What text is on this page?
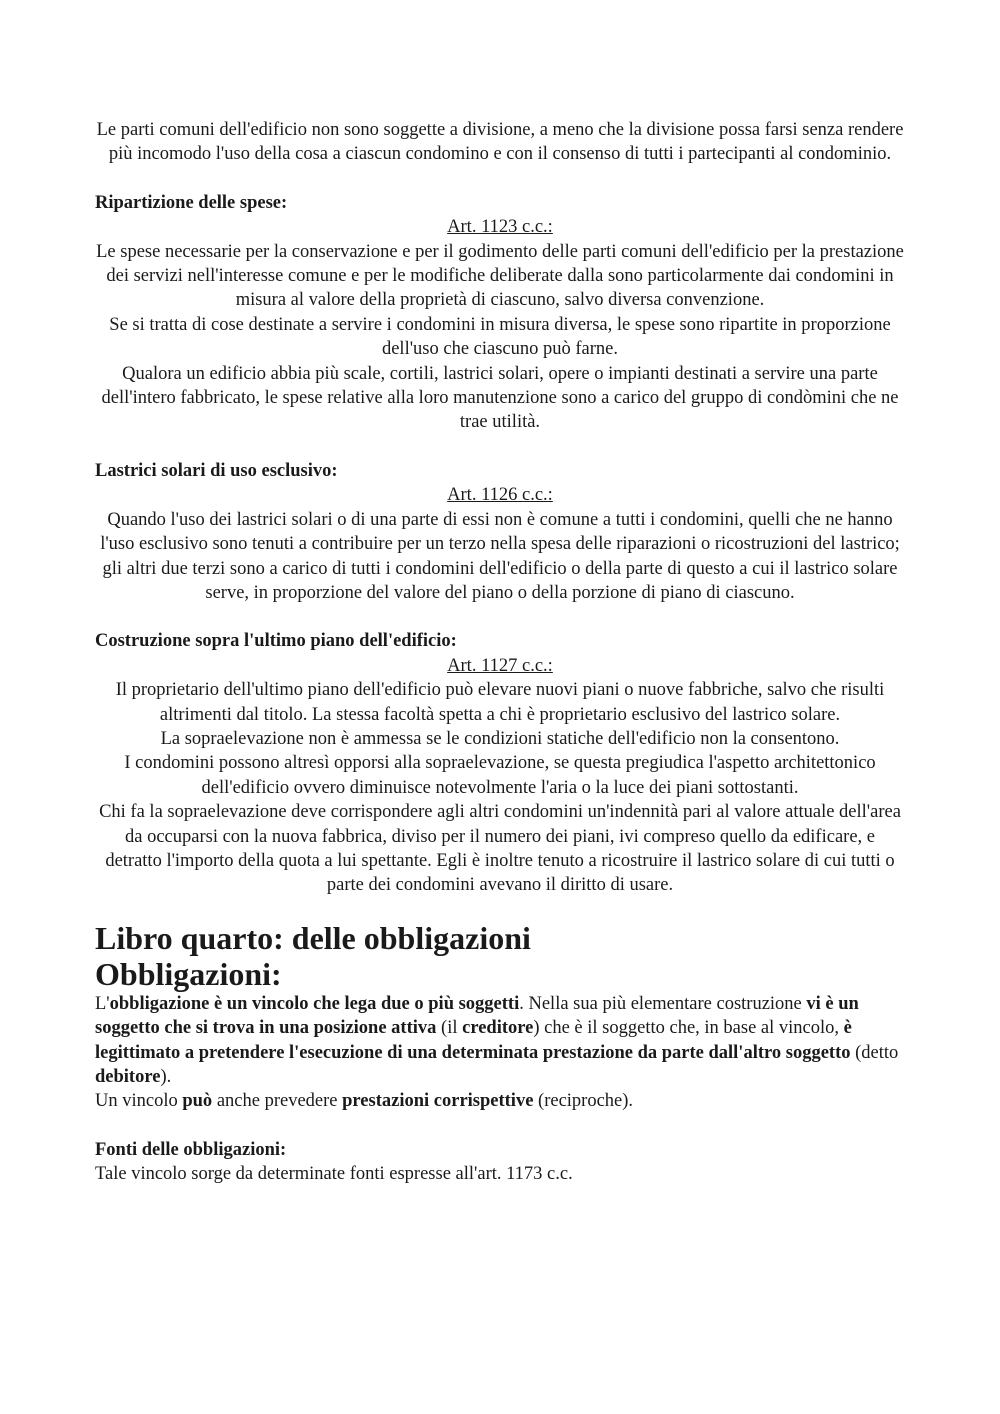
Le parti comuni dell'edificio non sono soggette a divisione, a meno che la divisione possa farsi senza rendere più incomodo l'uso della cosa a ciascun condomino e con il consenso di tutti i partecipanti al condominio.
Ripartizione delle spese:
Art. 1123 c.c.:
Le spese necessarie per la conservazione e per il godimento delle parti comuni dell'edificio per la prestazione dei servizi nell'interesse comune e per le modifiche deliberate dalla sono particolarmente dai condomini in misura al valore della proprietà di ciascuno, salvo diversa convenzione.
Se si tratta di cose destinate a servire i condomini in misura diversa, le spese sono ripartite in proporzione dell'uso che ciascuno può farne.
Qualora un edificio abbia più scale, cortili, lastrici solari, opere o impianti destinati a servire una parte dell'intero fabbricato, le spese relative alla loro manutenzione sono a carico del gruppo di condòmini che ne trae utilità.
Lastrici solari di uso esclusivo:
Art. 1126 c.c.:
Quando l'uso dei lastrici solari o di una parte di essi non è comune a tutti i condomini, quelli che ne hanno l'uso esclusivo sono tenuti a contribuire per un terzo nella spesa delle riparazioni o ricostruzioni del lastrico; gli altri due terzi sono a carico di tutti i condomini dell'edificio o della parte di questo a cui il lastrico solare serve, in proporzione del valore del piano o della porzione di piano di ciascuno.
Costruzione sopra l'ultimo piano dell'edificio:
Art. 1127 c.c.:
Il proprietario dell'ultimo piano dell'edificio può elevare nuovi piani o nuove fabbriche, salvo che risulti altrimenti dal titolo. La stessa facoltà spetta a chi è proprietario esclusivo del lastrico solare.
La sopraelevazione non è ammessa se le condizioni statiche dell'edificio non la consentono.
I condomini possono altresì opporsi alla sopraelevazione, se questa pregiudica l'aspetto architettonico dell'edificio ovvero diminuisce notevolmente l'aria o la luce dei piani sottostanti.
Chi fa la sopraelevazione deve corrispondere agli altri condomini un'indennità pari al valore attuale dell'area da occuparsi con la nuova fabbrica, diviso per il numero dei piani, ivi compreso quello da edificare, e detratto l'importo della quota a lui spettante. Egli è inoltre tenuto a ricostruire il lastrico solare di cui tutti o parte dei condomini avevano il diritto di usare.
Libro quarto: delle obbligazioni
Obbligazioni:
L'obbligazione è un vincolo che lega due o più soggetti. Nella sua più elementare costruzione vi è un soggetto che si trova in una posizione attiva (il creditore) che è il soggetto che, in base al vincolo, è legittimato a pretendere l'esecuzione di una determinata prestazione da parte dall'altro soggetto (detto debitore).
Un vincolo può anche prevedere prestazioni corrispettive (reciproche).
Fonti delle obbligazioni:
Tale vincolo sorge da determinate fonti espresse all'art. 1173 c.c.
